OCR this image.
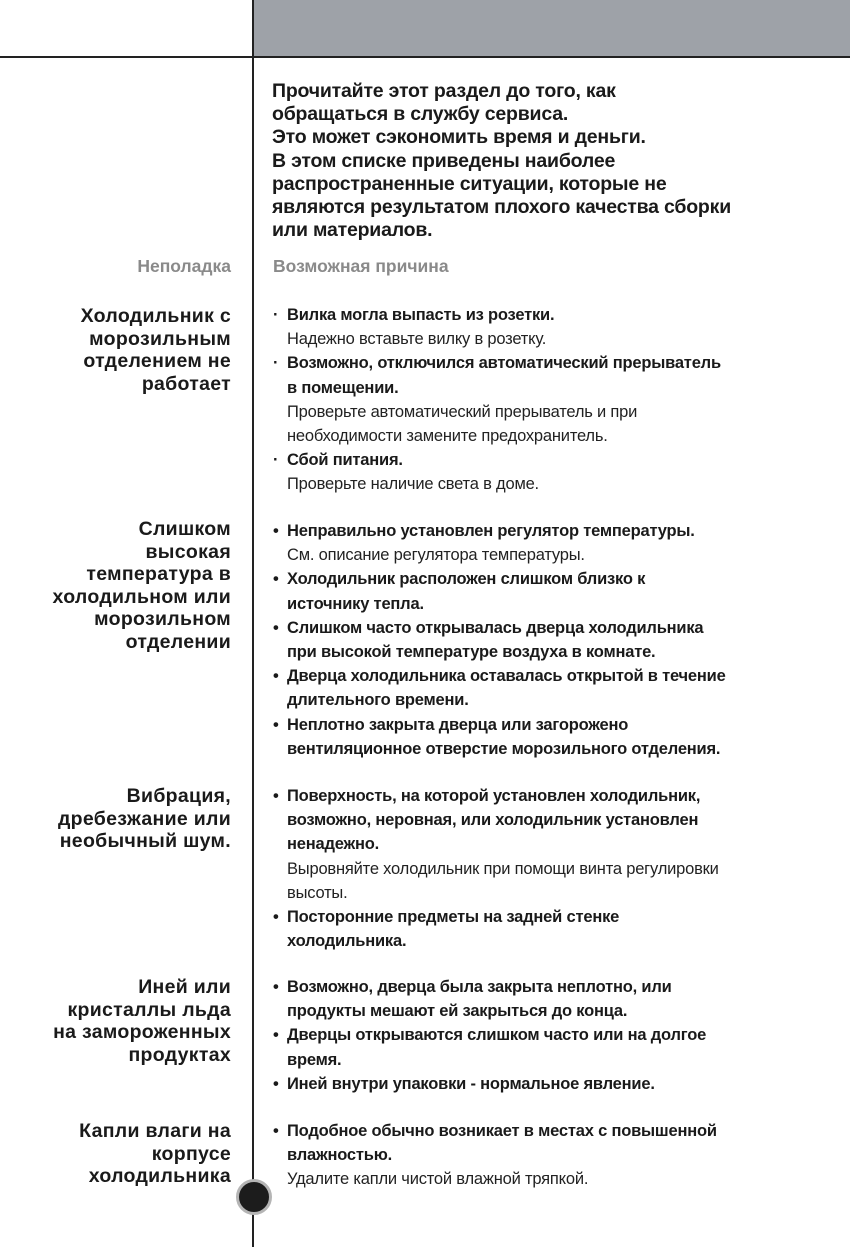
Прочитайте этот раздел до того, как
обращаться в службу сервиса.
Это может сэкономить время и деньги.
В этом списке приведены наиболее
распространенные ситуации, которые не
являются результатом плохого качества сборки
или материалов.
Неполадка Возможная причина
Холодильник с
морозильным
отделением не
работает
· Вилка могла выпасть из розетки.
Надежно вставьте вилку в розетку.
· Возможно, отключился автоматический прерыватель
в помещении.
Проверьте автоматический прерыватель и при
необходимости замените предохранитель.
· Сбой питания.
Проверьте наличие света в доме.
Слишком
высокая
температура в
холодильном или
морозильном
отделении
• Неправильно установлен регулятор температуры.
См. описание регулятора температуры.
• Холодильник расположен слишком близко к
источнику тепла.
• Слишком часто открывалась дверца холодильника
при высокой температуре воздуха в комнате.
• Дверца холодильника оставалась открытой в течение
длительного времени.
• Неплотно закрыта дверца или загорожено
вентиляционное отверстие морозильного отделения.
Вибрация,
дребезжание или
необычный шум.
• Поверхность, на которой установлен холодильник,
возможно, неровная, или холодильник установлен
ненадежно.
Выровняйте холодильник при помощи винта регулировки
высоты.
• Посторонние предметы на задней стенке
холодильника.
Иней или
кристаллы льда
на замороженных
продуктах
• Возможно, дверца была закрыта неплотно, или
продукты мешают ей закрыться до конца.
• Дверцы открываются слишком часто или на долгое
время.
• Иней внутри упаковки - нормальное явление.
Капли влаги на
корпусе
холодильника
• Подобное обычно возникает в местах с повышенной
влажностью.
Удалите капли чистой влажной тряпкой.
